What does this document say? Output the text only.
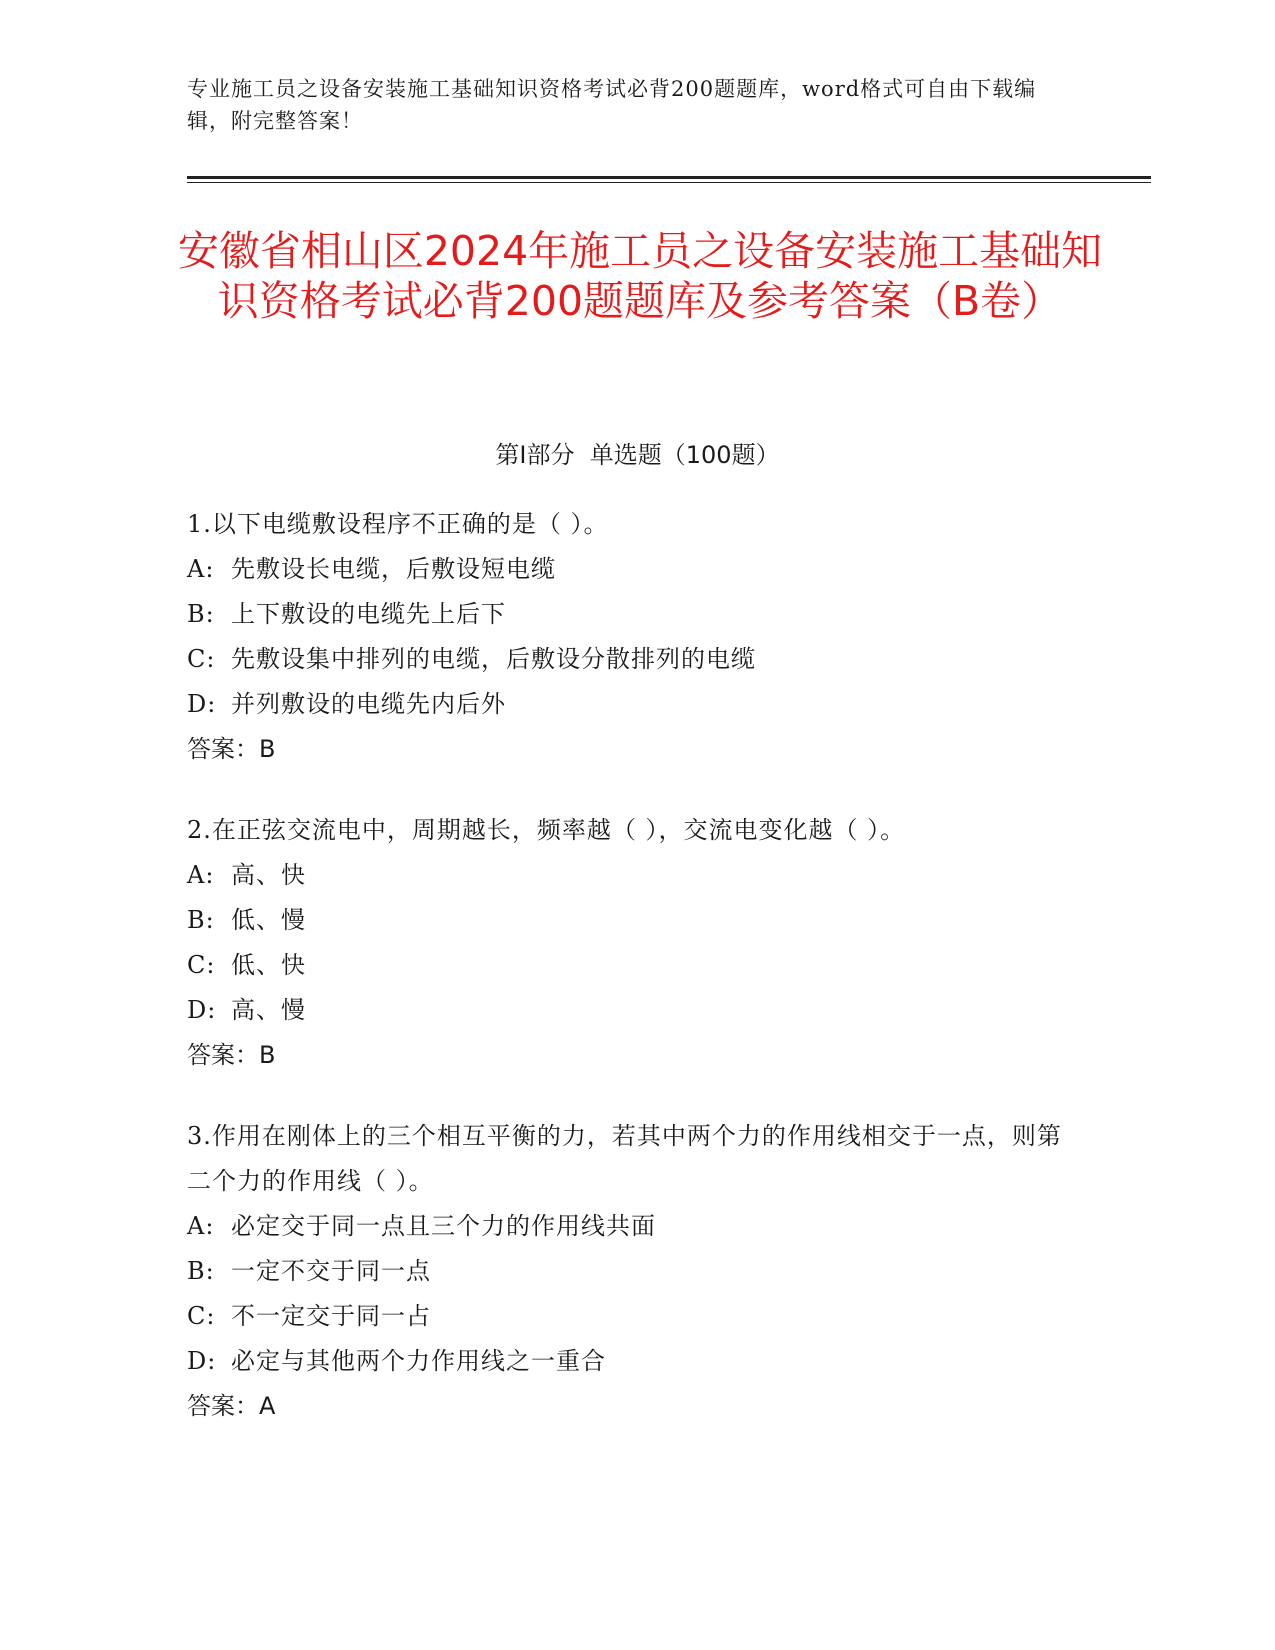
专业施工员之设备安装施工基础知识资格考试必背200题题库，word格式可自由下载编辑，附完整答案！
安徽省相山区2024年施工员之设备安装施工基础知识资格考试必背200题题库及参考答案（B卷）
第I部分 单选题（100题）
1.以下电缆敷设程序不正确的是（ ）。
A: 先敷设长电缆，后敷设短电缆
B: 上下敷设的电缆先上后下
C: 先敷设集中排列的电缆，后敷设分散排列的电缆
D: 并列敷设的电缆先内后外
答案：B
2.在正弦交流电中，周期越长，频率越（ ），交流电变化越（ ）。
A: 高、快
B: 低、慢
C: 低、快
D: 高、慢
答案：B
3.作用在刚体上的三个相互平衡的力，若其中两个力的作用线相交于一点，则第二个力的作用线（ ）。
A: 必定交于同一点且三个力的作用线共面
B: 一定不交于同一点
C: 不一定交于同一占
D: 必定与其他两个力作用线之一重合
答案：A
